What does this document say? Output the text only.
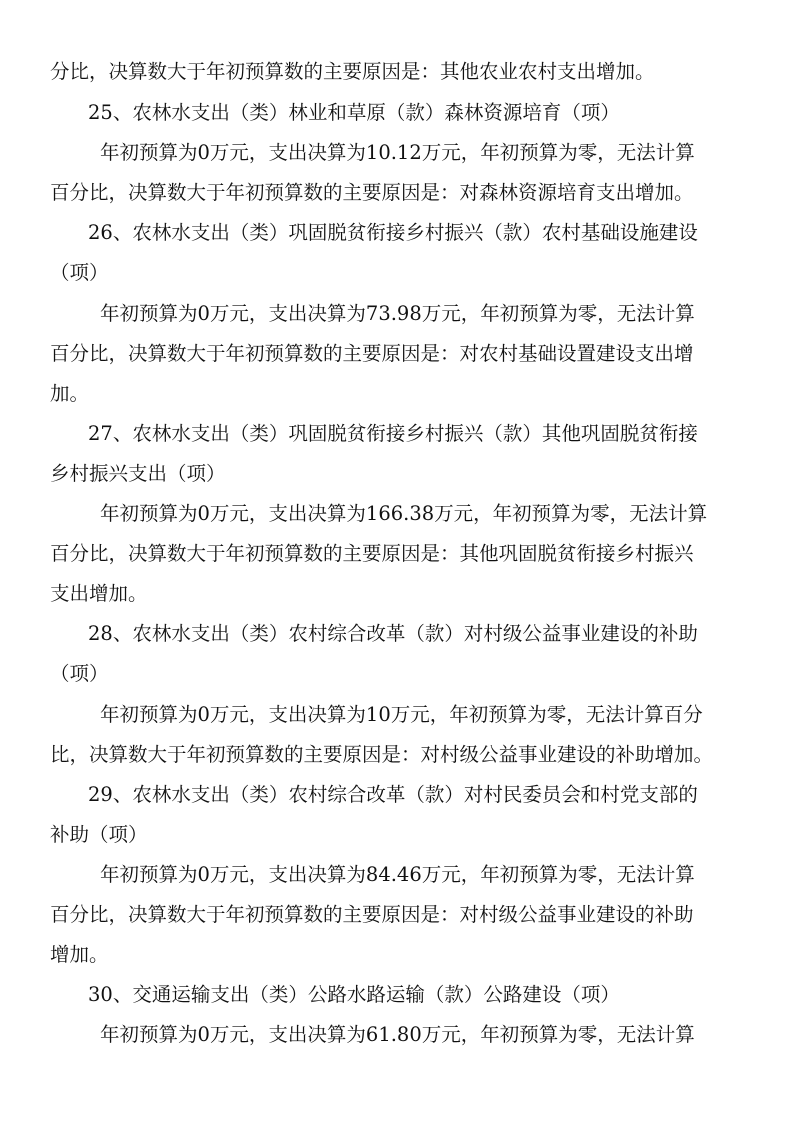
分比，决算数大于年初预算数的主要原因是：其他农业农村支出增加。
25、农林水支出（类）林业和草原（款）森林资源培育（项）
年初预算为0万元，支出决算为10.12万元，年初预算为零，无法计算
百分比，决算数大于年初预算数的主要原因是：对森林资源培育支出增加。
26、农林水支出（类）巩固脱贫衔接乡村振兴（款）农村基础设施建设
（项）
年初预算为0万元，支出决算为73.98万元，年初预算为零，无法计算
百分比，决算数大于年初预算数的主要原因是：对农村基础设置建设支出增
加。
27、农林水支出（类）巩固脱贫衔接乡村振兴（款）其他巩固脱贫衔接
乡村振兴支出（项）
年初预算为0万元，支出决算为166.38万元，年初预算为零，无法计算
百分比，决算数大于年初预算数的主要原因是：其他巩固脱贫衔接乡村振兴
支出增加。
28、农林水支出（类）农村综合改革（款）对村级公益事业建设的补助
（项）
年初预算为0万元，支出决算为10万元，年初预算为零，无法计算百分
比，决算数大于年初预算数的主要原因是：对村级公益事业建设的补助增加。
29、农林水支出（类）农村综合改革（款）对村民委员会和村党支部的
补助（项）
年初预算为0万元，支出决算为84.46万元，年初预算为零，无法计算
百分比，决算数大于年初预算数的主要原因是：对村级公益事业建设的补助
增加。
30、交通运输支出（类）公路水路运输（款）公路建设（项）
年初预算为0万元，支出决算为61.80万元，年初预算为零，无法计算
